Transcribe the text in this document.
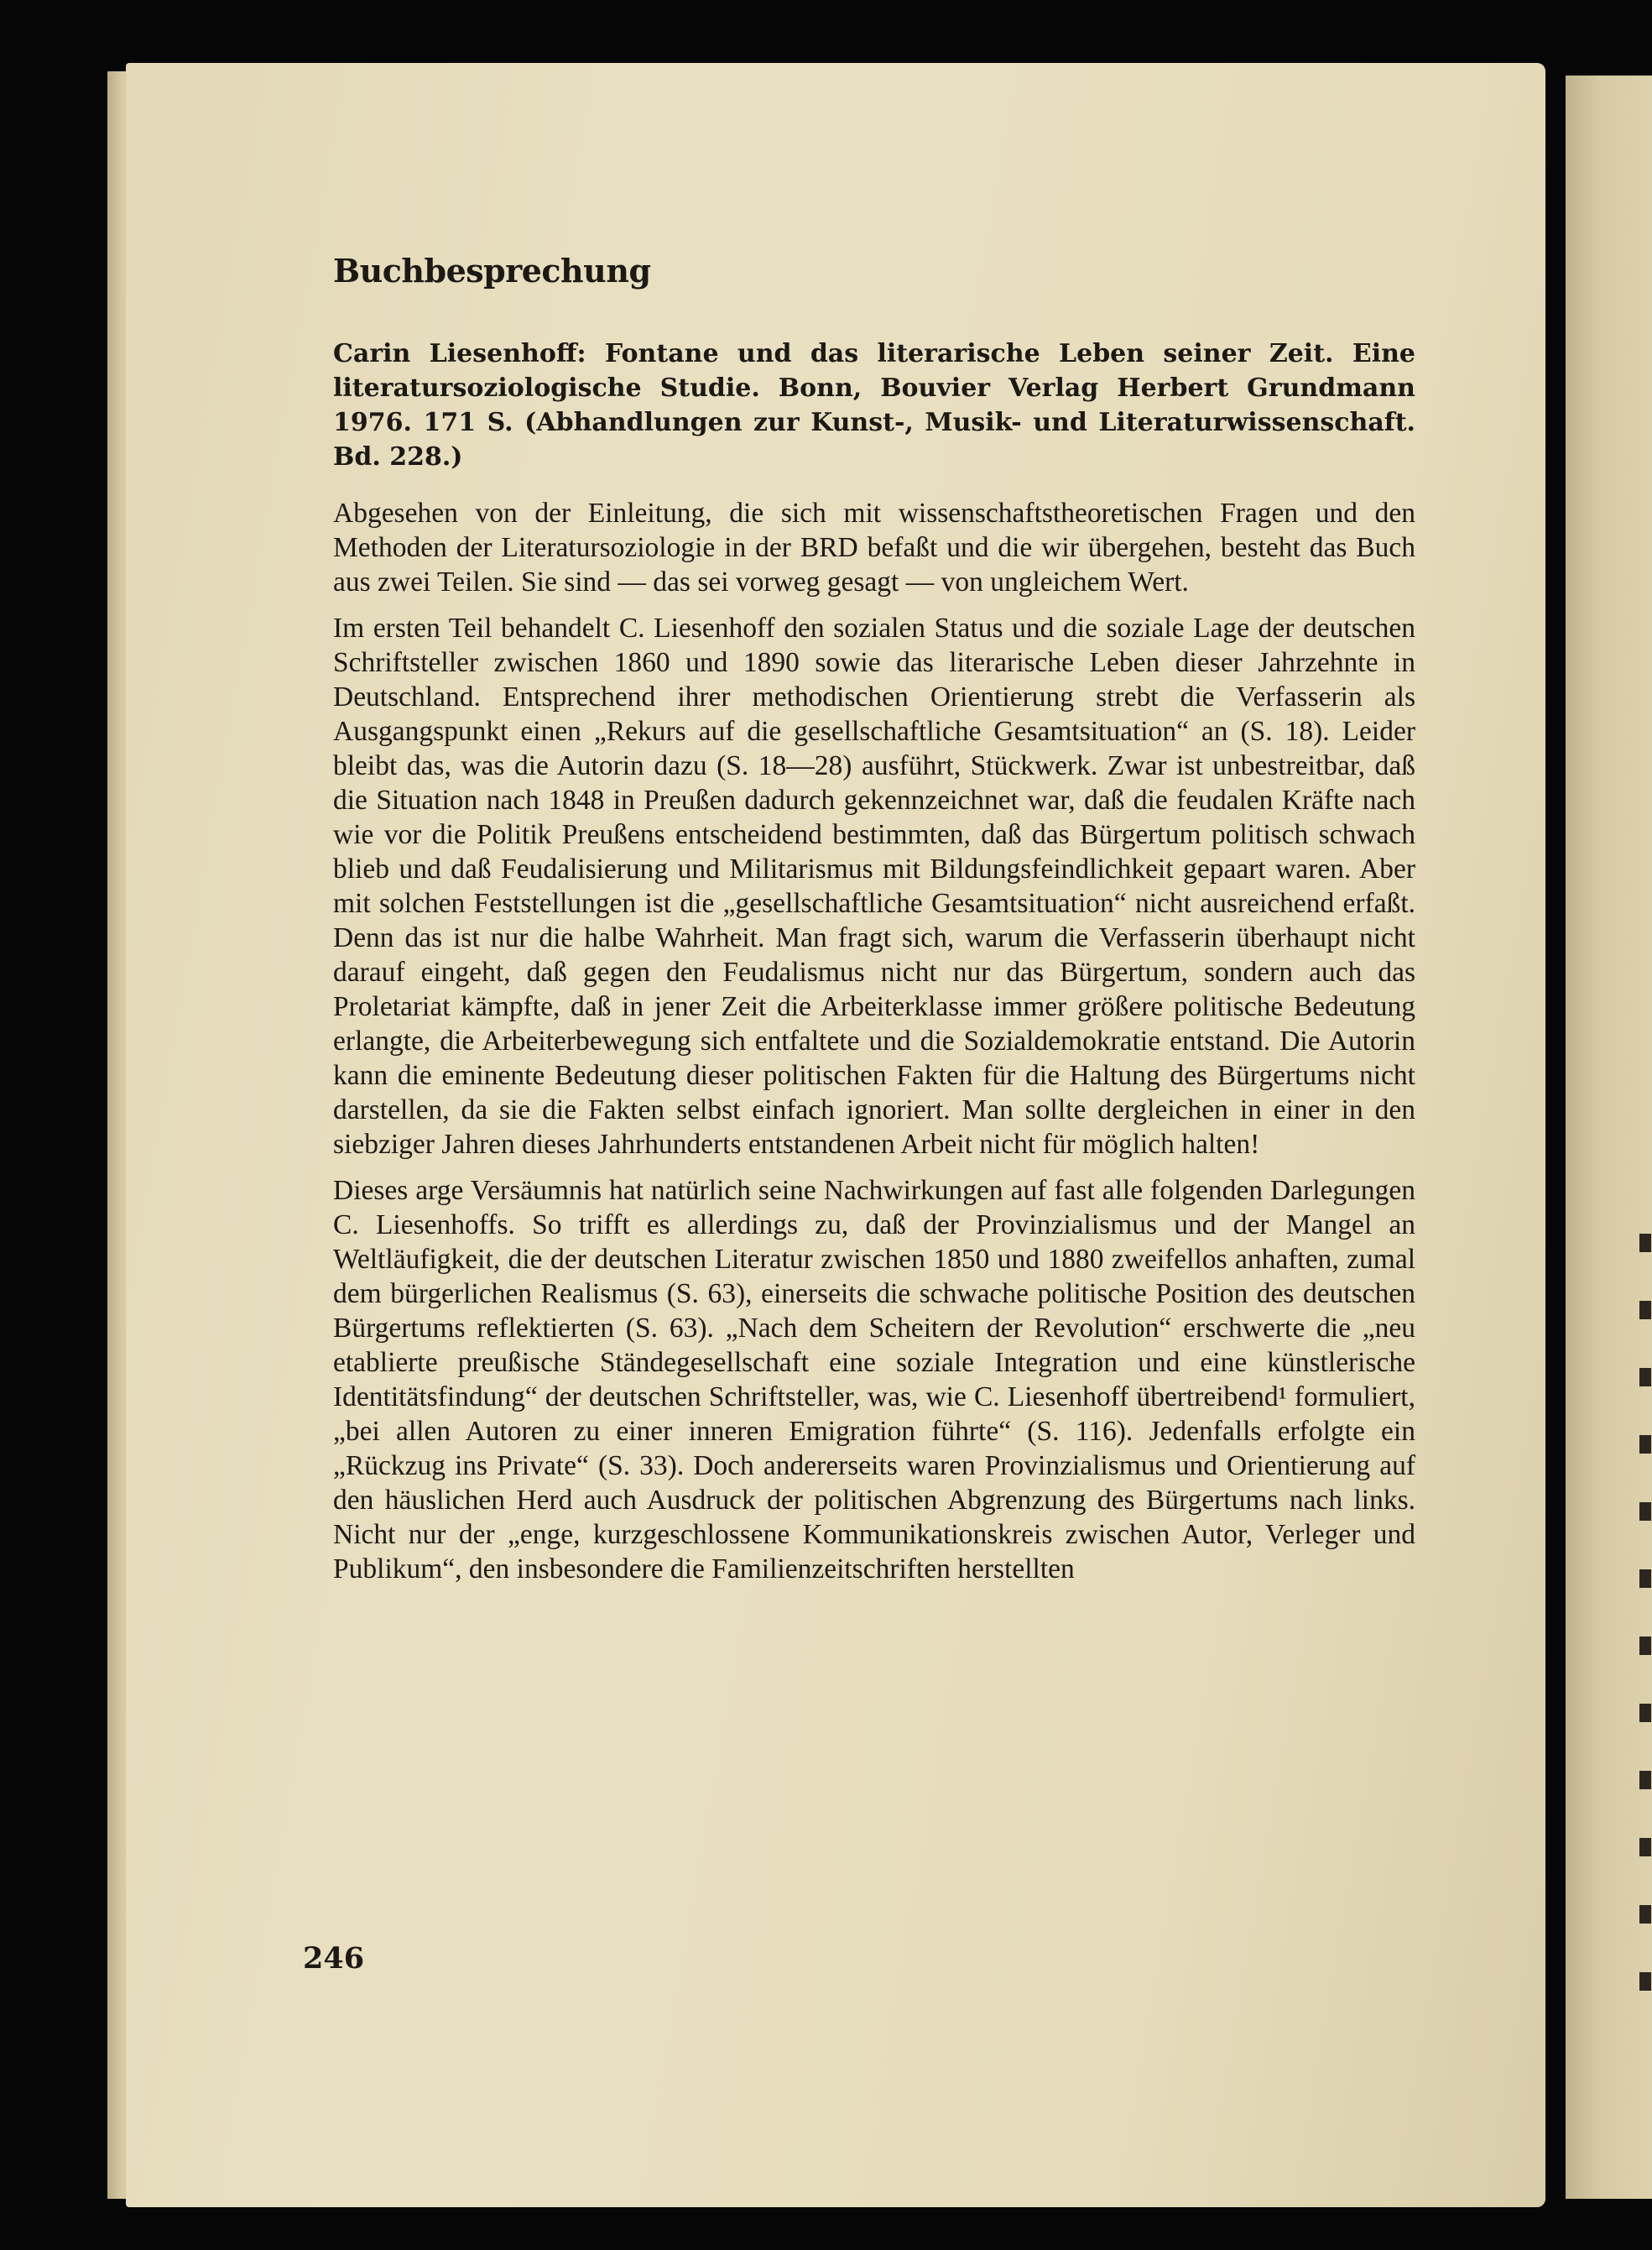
Buchbesprechung

Carin Liesenhoff: Fontane und das literarische Leben seiner Zeit. Eine literatursoziologische Studie. Bonn, Bouvier Verlag Herbert Grundmann 1976. 171 S. (Abhandlungen zur Kunst-, Musik- und Literaturwissenschaft. Bd. 228.)

Abgesehen von der Einleitung, die sich mit wissenschaftstheoretischen Fragen und den Methoden der Literatursoziologie in der BRD befaßt und die wir übergehen, besteht das Buch aus zwei Teilen. Sie sind — das sei vorweg gesagt — von ungleichem Wert.

Im ersten Teil behandelt C. Liesenhoff den sozialen Status und die soziale Lage der deutschen Schriftsteller zwischen 1860 und 1890 sowie das literarische Leben dieser Jahrzehnte in Deutschland. Entsprechend ihrer methodischen Orientierung strebt die Verfasserin als Ausgangspunkt einen „Rekurs auf die gesellschaftliche Gesamtsituation“ an (S. 18). Leider bleibt das, was die Autorin dazu (S. 18—28) ausführt, Stückwerk. Zwar ist unbestreitbar, daß die Situation nach 1848 in Preußen dadurch gekennzeichnet war, daß die feudalen Kräfte nach wie vor die Politik Preußens entscheidend bestimmten, daß das Bürgertum politisch schwach blieb und daß Feudalisierung und Militarismus mit Bildungsfeindlichkeit gepaart waren. Aber mit solchen Feststellungen ist die „gesellschaftliche Gesamtsituation“ nicht ausreichend erfaßt. Denn das ist nur die halbe Wahrheit. Man fragt sich, warum die Verfasserin überhaupt nicht darauf eingeht, daß gegen den Feudalismus nicht nur das Bürgertum, sondern auch das Proletariat kämpfte, daß in jener Zeit die Arbeiterklasse immer größere politische Bedeutung erlangte, die Arbeiterbewegung sich entfaltete und die Sozialdemokratie entstand. Die Autorin kann die eminente Bedeutung dieser politischen Fakten für die Haltung des Bürgertums nicht darstellen, da sie die Fakten selbst einfach ignoriert. Man sollte dergleichen in einer in den siebziger Jahren dieses Jahrhunderts entstandenen Arbeit nicht für möglich halten!

Dieses arge Versäumnis hat natürlich seine Nachwirkungen auf fast alle folgenden Darlegungen C. Liesenhoffs. So trifft es allerdings zu, daß der Provinzialismus und der Mangel an Weltläufigkeit, die der deutschen Literatur zwischen 1850 und 1880 zweifellos anhaften, zumal dem bürgerlichen Realismus (S. 63), einerseits die schwache politische Position des deutschen Bürgertums reflektierten (S. 63). „Nach dem Scheitern der Revolution“ erschwerte die „neu etablierte preußische Ständegesellschaft eine soziale Integration und eine künstlerische Identitätsfindung“ der deutschen Schriftsteller, was, wie C. Liesenhoff übertreibend¹ formuliert, „bei allen Autoren zu einer inneren Emigration führte“ (S. 116). Jedenfalls erfolgte ein „Rückzug ins Private“ (S. 33). Doch andererseits waren Provinzialismus und Orientierung auf den häuslichen Herd auch Ausdruck der politischen Abgrenzung des Bürgertums nach links. Nicht nur der „enge, kurzgeschlossene Kommunikationskreis zwischen Autor, Verleger und Publikum“, den insbesondere die Familienzeitschriften herstellten

246
